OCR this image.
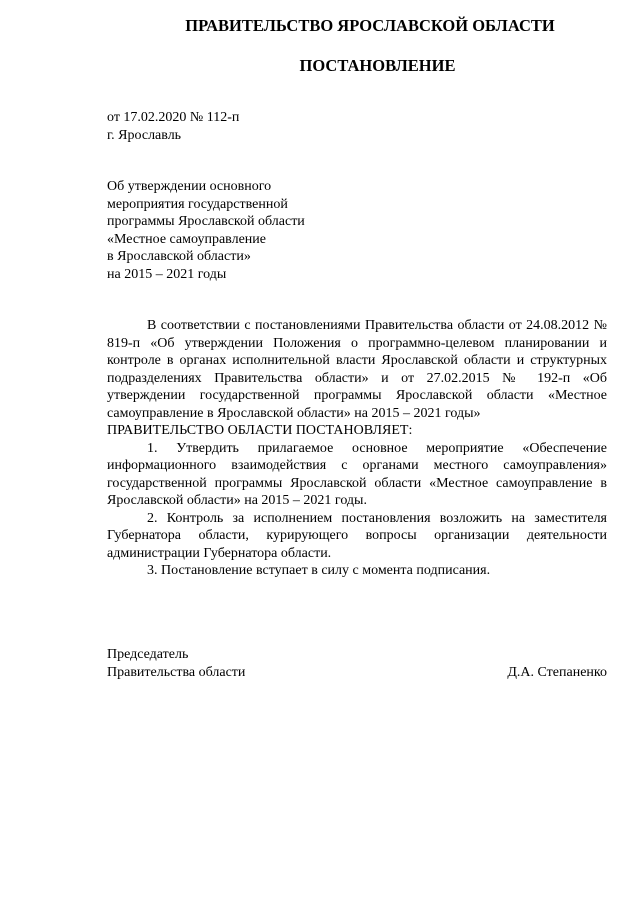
ПРАВИТЕЛЬСТВО ЯРОСЛАВСКОЙ ОБЛАСТИ
ПОСТАНОВЛЕНИЕ
от 17.02.2020 № 112-п
г. Ярославль
Об утверждении основного
мероприятия государственной
программы Ярославской области
«Местное самоуправление
в Ярославской области»
на 2015 – 2021 годы

В соответствии с постановлениями Правительства области от 24.08.2012 № 819-п «Об утверждении Положения о программно-целевом планировании и контроле в органах исполнительной власти Ярославской области и структурных подразделениях Правительства области» и от 27.02.2015 № 192-п «Об утверждении государственной программы Ярославской области «Местное самоуправление в Ярославской области» на 2015 – 2021 годы»

ПРАВИТЕЛЬСТВО ОБЛАСТИ ПОСТАНОВЛЯЕТ:

1. Утвердить прилагаемое основное мероприятие «Обеспечение информационного взаимодействия с органами местного самоуправления» государственной программы Ярославской области «Местное самоуправление в Ярославской области» на 2015 – 2021 годы.

2. Контроль за исполнением постановления возложить на заместителя Губернатора области, курирующего вопросы организации деятельности администрации Губернатора области.

3. Постановление вступает в силу с момента подписания.

Председатель
Правительства области	Д.А. Степаненко
